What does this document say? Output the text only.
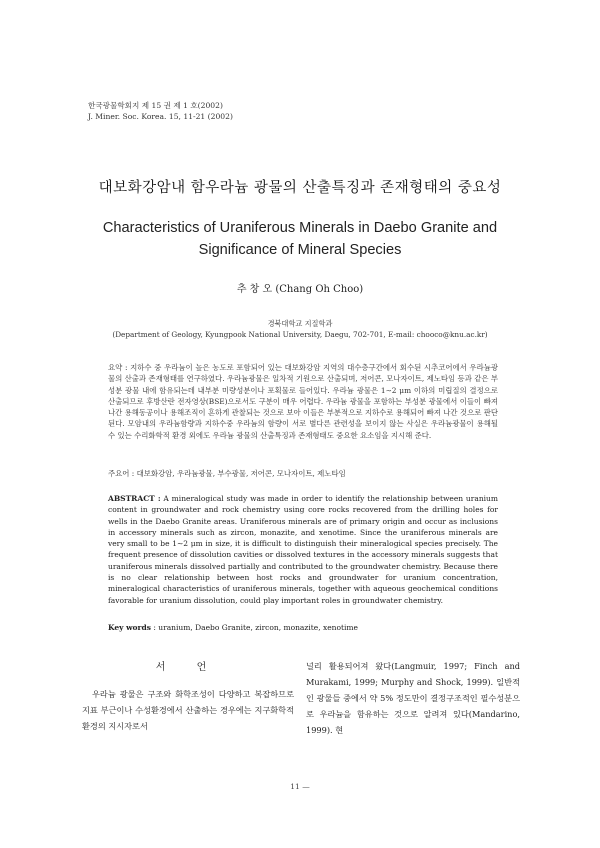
한국광물학회지 제 15 권 제 1 호(2002)
J. Miner. Soc. Korea. 15, 11-21 (2002)
대보화강암내 함우라늄 광물의 산출특징과 존재형태의 중요성
Characteristics of Uraniferous Minerals in Daebo Granite and Significance of Mineral Species
추 창 오 (Chang Oh Choo)
경북대학교 지질학과
(Department of Geology, Kyungpook National University, Daegu, 702-701, E-mail: chooco@knu.ac.kr)

요약 : 지하수 중 우라늄이 높은 농도로 포함되어 있는 대보화강암 지역의 대수층구간에서 회수된 시추코어에서 우라늄광물의 산출과 존재형태를 연구하였다. 우라늄광물은 일차적 기원으로 산출되며, 저어콘, 모나자이트, 제노타임 등과 같은 부성분 광물 내에 함유되는데 내부분 미량성분이나 포획물로 들어있다. 우라늄 광물은 1∼2 μm 이하의 미립질의 결정으로 산출되므로 후방산란 전자영상(BSE)으로서도 구분이 매우 어렵다. 우라늄 광물을 포함하는 부성분 광물에서 이들이 빠져 나간 용해동공이나 용해조직이 흔하게 관찰되는 것으로 보아 이들은 부분적으로 지하수로 용해되어 빠져 나간 것으로 판단된다. 모암내의 우라늄함량과 지하수중 우라늄의 함량이 서로 별다른 관련성을 보이지 않는 사실은 우라늄광물이 용해될 수 있는 수리화학적 환경 외에도 우라늄 광물의 산출특징과 존재형태도 중요한 요소임을 지시해 준다.

주요어 : 대보화강암, 우라늄광물, 부수광물, 저어콘, 모나자이트, 제노타임

ABSTRACT : A mineralogical study was made in order to identify the relationship between uranium content in groundwater and rock chemistry using core rocks recovered from the drilling holes for wells in the Daebo Granite areas. Uraniferous minerals are of primary origin and occur as inclusions in accessory minerals such as zircon, monazite, and xenotime. Since the uraniferous minerals are very small to be 1∼2 μm in size, it is difficult to distinguish their mineralogical species precisely. The frequent presence of dissolution cavities or dissolved textures in the accessory minerals suggests that uraniferous minerals dissolved partially and contributed to the groundwater chemistry. Because there is no clear relationship between host rocks and groundwater for uranium concentration, mineralogical characteristics of uraniferous minerals, together with aqueous geochemical conditions favorable for uranium dissolution, could play important roles in groundwater chemistry.

Key words : uranium, Daebo Granite, zircon, monazite, xenotime

서 언

우라늄 광물은 구조와 화학조성이 다양하고 복잡하므로 지표 부근이나 수성환경에서 산출하는 경우에는 지구화학적 환경의 지시자로서

널리 활용되어져 왔다(Langmuir, 1997; Finch and Murakami, 1999; Murphy and Shock, 1999). 일반적인 광물들 중에서 약 5% 정도만이 결정구조적인 필수성분으로 우라늄을 함유하는 것으로 알려져 있다(Mandarino, 1999). 현

11 —
